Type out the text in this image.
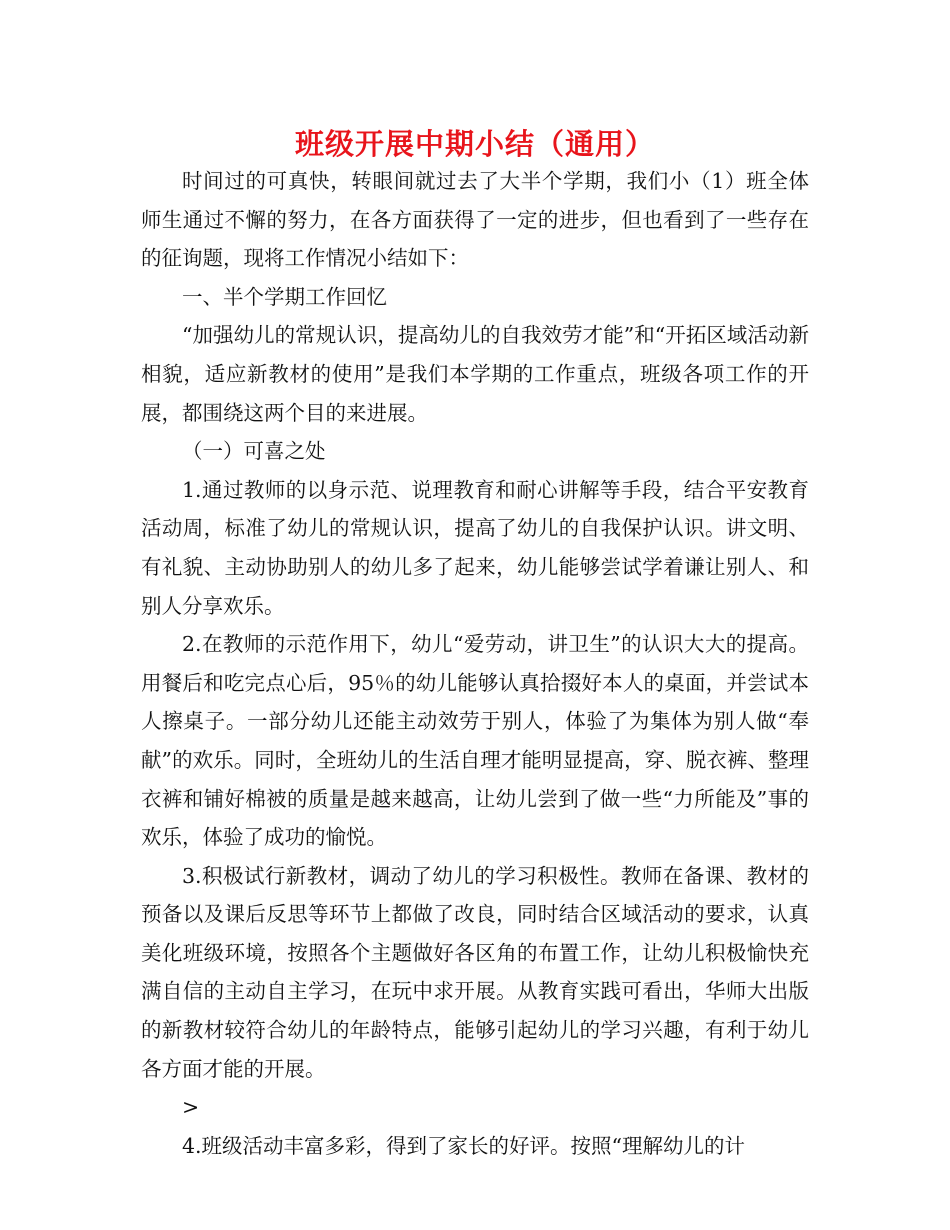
班级开展中期小结（通用）

时间过的可真快，转眼间就过去了大半个学期，我们小（1）班全体师生通过不懈的努力，在各方面获得了一定的进步，但也看到了一些存在的征询题，现将工作情况小结如下：

一、半个学期工作回忆

“加强幼儿的常规认识，提高幼儿的自我效劳才能”和“开拓区域活动新相貌，适应新教材的使用”是我们本学期的工作重点，班级各项工作的开展，都围绕这两个目的来进展。

（一）可喜之处

1.通过教师的以身示范、说理教育和耐心讲解等手段，结合平安教育活动周，标准了幼儿的常规认识，提高了幼儿的自我保护认识。讲文明、有礼貌、主动协助别人的幼儿多了起来，幼儿能够尝试学着谦让别人、和别人分享欢乐。

2.在教师的示范作用下，幼儿“爱劳动，讲卫生”的认识大大的提高。用餐后和吃完点心后，95％的幼儿能够认真拾掇好本人的桌面，并尝试本人擦桌子。一部分幼儿还能主动效劳于别人，体验了为集体为别人做“奉献”的欢乐。同时，全班幼儿的生活自理才能明显提高，穿、脱衣裤、整理衣裤和铺好棉被的质量是越来越高，让幼儿尝到了做一些“力所能及”事的欢乐，体验了成功的愉悦。

3.积极试行新教材，调动了幼儿的学习积极性。教师在备课、教材的预备以及课后反思等环节上都做了改良，同时结合区域活动的要求，认真美化班级环境，按照各个主题做好各区角的布置工作，让幼儿积极愉快充满自信的主动自主学习，在玩中求开展。从教育实践可看出，华师大出版的新教材较符合幼儿的年龄特点，能够引起幼儿的学习兴趣，有利于幼儿各方面才能的开展。

>

4.班级活动丰富多彩，得到了家长的好评。按照“理解幼儿的计
